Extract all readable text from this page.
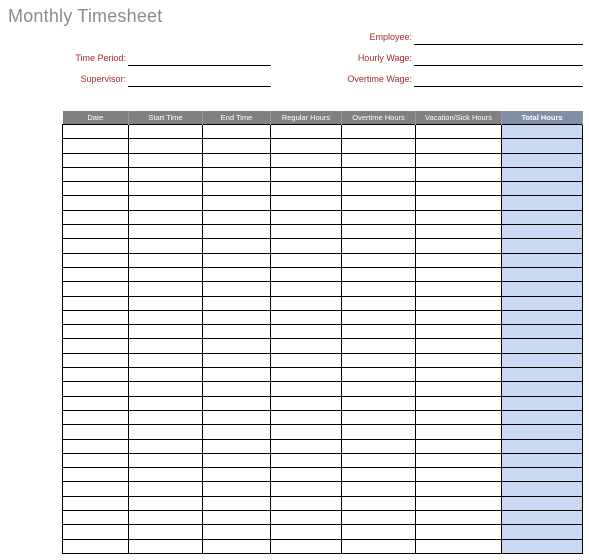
Monthly Timesheet
Employee:
Time Period:	Hourly Wage:
Supervisor:	Overtime Wage:
Date	Start Time	End Time	Regular Hours	Overtime Hours	Vacation/Sick Hours	Total Hours
